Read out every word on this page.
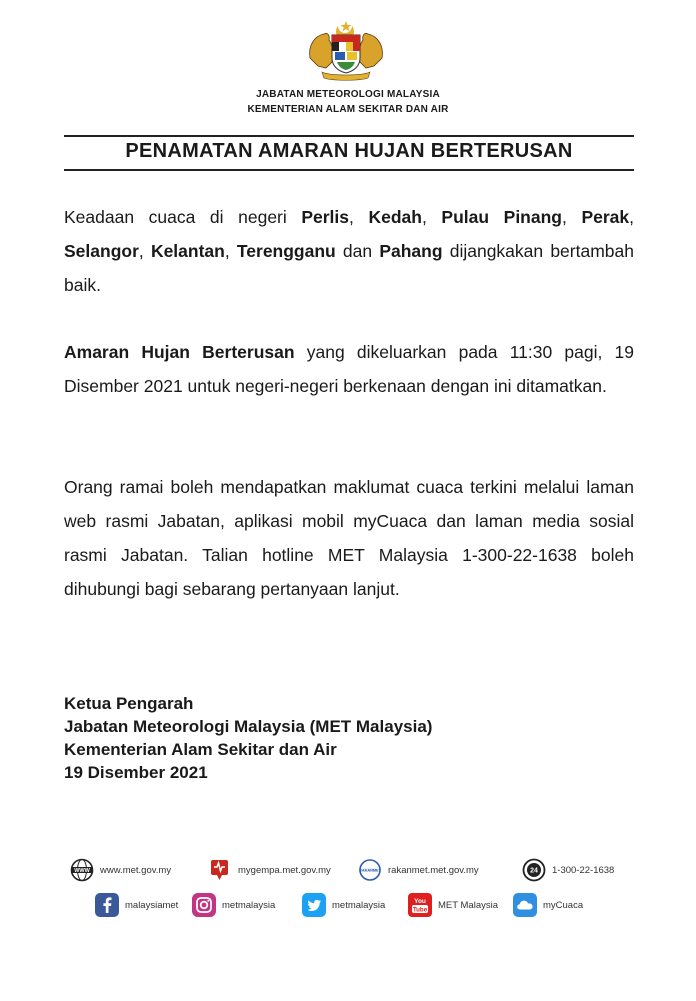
JABATAN METEOROLOGI MALAYSIA
KEMENTERIAN ALAM SEKITAR DAN AIR
PENAMATAN AMARAN HUJAN BERTERUSAN
Keadaan cuaca di negeri Perlis, Kedah, Pulau Pinang, Perak, Selangor, Kelantan, Terengganu dan Pahang dijangkakan bertambah baik.
Amaran Hujan Berterusan yang dikeluarkan pada 11:30 pagi, 19 Disember 2021 untuk negeri-negeri berkenaan dengan ini ditamatkan.
Orang ramai boleh mendapatkan maklumat cuaca terkini melalui laman web rasmi Jabatan, aplikasi mobil myCuaca dan laman media sosial rasmi Jabatan. Talian hotline MET Malaysia 1-300-22-1638 boleh dihubungi bagi sebarang pertanyaan lanjut.
Ketua Pengarah
Jabatan Meteorologi Malaysia (MET Malaysia)
Kementerian Alam Sekitar dan Air
19 Disember 2021
WWW www.met.gov.my	mygempa.met.gov.my	RAKANMET rakanmet.met.gov.my	24 1-300-22-1638
malaysiamet	metmalaysia	metmalaysia	You
Tube MET Malaysia	myCuaca
